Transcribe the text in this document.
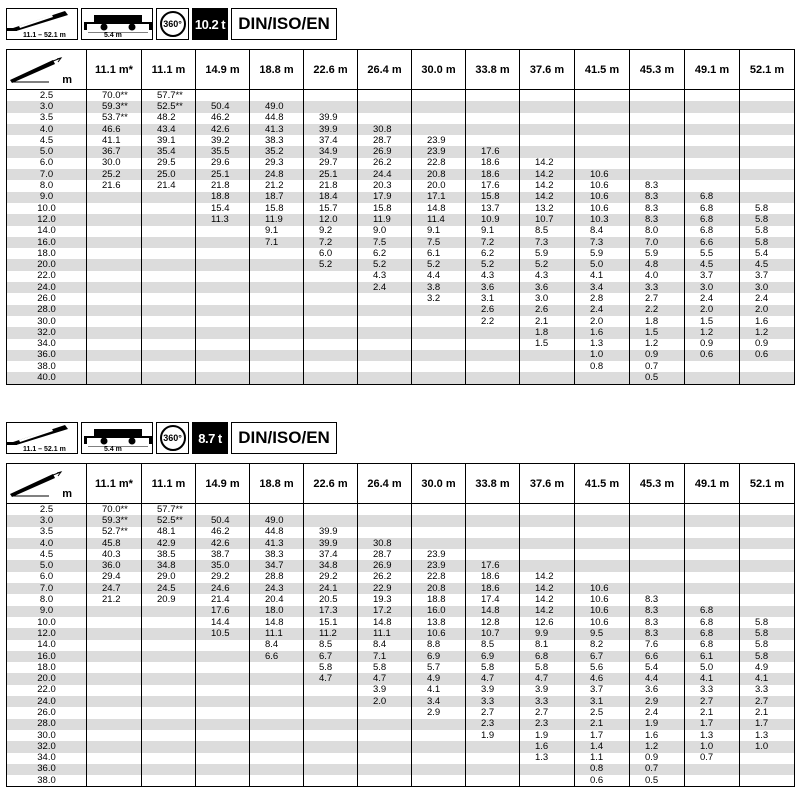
11.1 – 52.1 m	5.4 m
360° 10.2 t DIN/ISO/EN
m	11.1 m*	11.1 m	14.9 m	18.8 m	22.6 m	26.4 m	30.0 m	33.8 m	37.6 m	41.5 m	45.3 m	49.1 m	52.1 m
2.5	70.0**	57.7**											
3.0	59.3**	52.5**	50.4	49.0									
3.5	53.7**	48.2	46.2	44.8	39.9								
4.0	46.6	43.4	42.6	41.3	39.9	30.8							
4.5	41.1	39.1	39.2	38.3	37.4	28.7	23.9						
5.0	36.7	35.4	35.5	35.2	34.9	26.9	23.9	17.6					
6.0	30.0	29.5	29.6	29.3	29.7	26.2	22.8	18.6	14.2				
7.0	25.2	25.0	25.1	24.8	25.1	24.4	20.8	18.6	14.2	10.6			
8.0	21.6	21.4	21.8	21.2	21.8	20.3	20.0	17.6	14.2	10.6	8.3		
9.0			18.8	18.7	18.4	17.9	17.1	15.8	14.2	10.6	8.3	6.8	
10.0			15.4	15.8	15.7	15.8	14.8	13.7	13.2	10.6	8.3	6.8	5.8
12.0			11.3	11.9	12.0	11.9	11.4	10.9	10.7	10.3	8.3	6.8	5.8
14.0				9.1	9.2	9.0	9.1	9.1	8.5	8.4	8.0	6.8	5.8
16.0				7.1	7.2	7.5	7.5	7.2	7.3	7.3	7.0	6.6	5.8
18.0					6.0	6.2	6.1	6.2	5.9	5.9	5.9	5.5	5.4
20.0					5.2	5.2	5.2	5.2	5.2	5.0	4.8	4.5	4.5
22.0						4.3	4.4	4.3	4.3	4.1	4.0	3.7	3.7
24.0						2.4	3.8	3.6	3.6	3.4	3.3	3.0	3.0
26.0							3.2	3.1	3.0	2.8	2.7	2.4	2.4
28.0								2.6	2.6	2.4	2.2	2.0	2.0
30.0								2.2	2.1	2.0	1.8	1.5	1.6
32.0									1.8	1.6	1.5	1.2	1.2
34.0									1.5	1.3	1.2	0.9	0.9
36.0										1.0	0.9	0.6	0.6
38.0										0.8	0.7		
40.0											0.5		
11.1 – 52.1 m	5.4 m
360°	8.7 t DIN/ISO/EN
m	11.1 m*	11.1 m	14.9 m	18.8 m	22.6 m	26.4 m	30.0 m	33.8 m	37.6 m	41.5 m	45.3 m	49.1 m	52.1 m
2.5	70.0**	57.7**											
3.0	59.3**	52.5**	50.4	49.0									
3.5	52.7**	48.1	46.2	44.8	39.9								
4.0	45.8	42.9	42.6	41.3	39.9	30.8							
4.5	40.3	38.5	38.7	38.3	37.4	28.7	23.9						
5.0	36.0	34.8	35.0	34.7	34.8	26.9	23.9	17.6					
6.0	29.4	29.0	29.2	28.8	29.2	26.2	22.8	18.6	14.2				
7.0	24.7	24.5	24.6	24.3	24.1	22.9	20.8	18.6	14.2	10.6			
8.0	21.2	20.9	21.4	20.4	20.5	19.3	18.8	17.4	14.2	10.6	8.3		
9.0			17.6	18.0	17.3	17.2	16.0	14.8	14.2	10.6	8.3	6.8	
10.0			14.4	14.8	15.1	14.8	13.8	12.8	12.6	10.6	8.3	6.8	5.8
12.0			10.5	11.1	11.2	11.1	10.6	10.7	9.9	9.5	8.3	6.8	5.8
14.0				8.4	8.5	8.4	8.8	8.5	8.1	8.2	7.6	6.8	5.8
16.0				6.6	6.7	7.1	6.9	6.9	6.8	6.7	6.6	6.1	5.8
18.0					5.8	5.8	5.7	5.8	5.8	5.6	5.4	5.0	4.9
20.0					4.7	4.7	4.9	4.7	4.7	4.6	4.4	4.1	4.1
22.0						3.9	4.1	3.9	3.9	3.7	3.6	3.3	3.3
24.0						2.0	3.4	3.3	3.3	3.1	2.9	2.7	2.7
26.0							2.9	2.7	2.7	2.5	2.4	2.1	2.1
28.0								2.3	2.3	2.1	1.9	1.7	1.7
30.0								1.9	1.9	1.7	1.6	1.3	1.3
32.0									1.6	1.4	1.2	1.0	1.0
34.0									1.3	1.1	0.9	0.7	
36.0										0.8	0.7		
38.0										0.6	0.5		
